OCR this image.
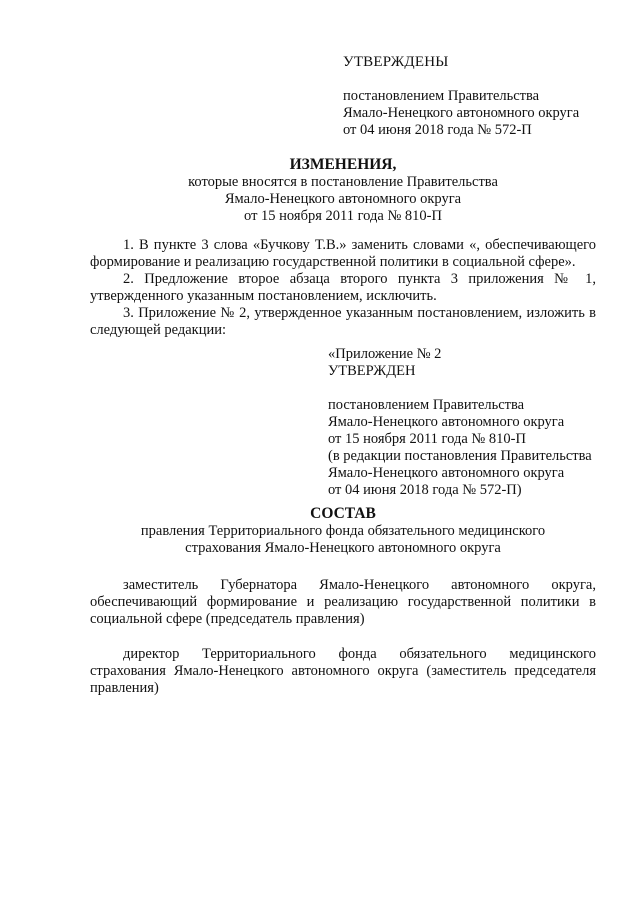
УТВЕРЖДЕНЫ
постановлением Правительства
Ямало-Ненецкого автономного округа
от 04 июня 2018 года № 572-П
ИЗМЕНЕНИЯ,
которые вносятся в постановление Правительства
Ямало-Ненецкого автономного округа
от 15 ноября 2011 года № 810-П

1. В пункте 3 слова «Бучкову Т.В.» заменить словами «, обеспечивающего формирование и реализацию государственной политики в социальной сфере».

2. Предложение второе абзаца второго пункта 3 приложения № 1, утвержденного указанным постановлением, исключить.

3. Приложение № 2, утвержденное указанным постановлением, изложить в следующей редакции:

«Приложение № 2
УТВЕРЖДЕН
постановлением Правительства
Ямало-Ненецкого автономного округа
от 15 ноября 2011 года № 810-П
(в редакции постановления Правительства
Ямало-Ненецкого автономного округа
от 04 июня 2018 года № 572-П)
СОСТАВ
правления Территориального фонда обязательного медицинского
страхования Ямало-Ненецкого автономного округа

заместитель Губернатора Ямало-Ненецкого автономного округа, обеспечивающий формирование и реализацию государственной политики в социальной сфере (председатель правления)

директор Территориального фонда обязательного медицинского страхования Ямало-Ненецкого автономного округа (заместитель председателя правления)
